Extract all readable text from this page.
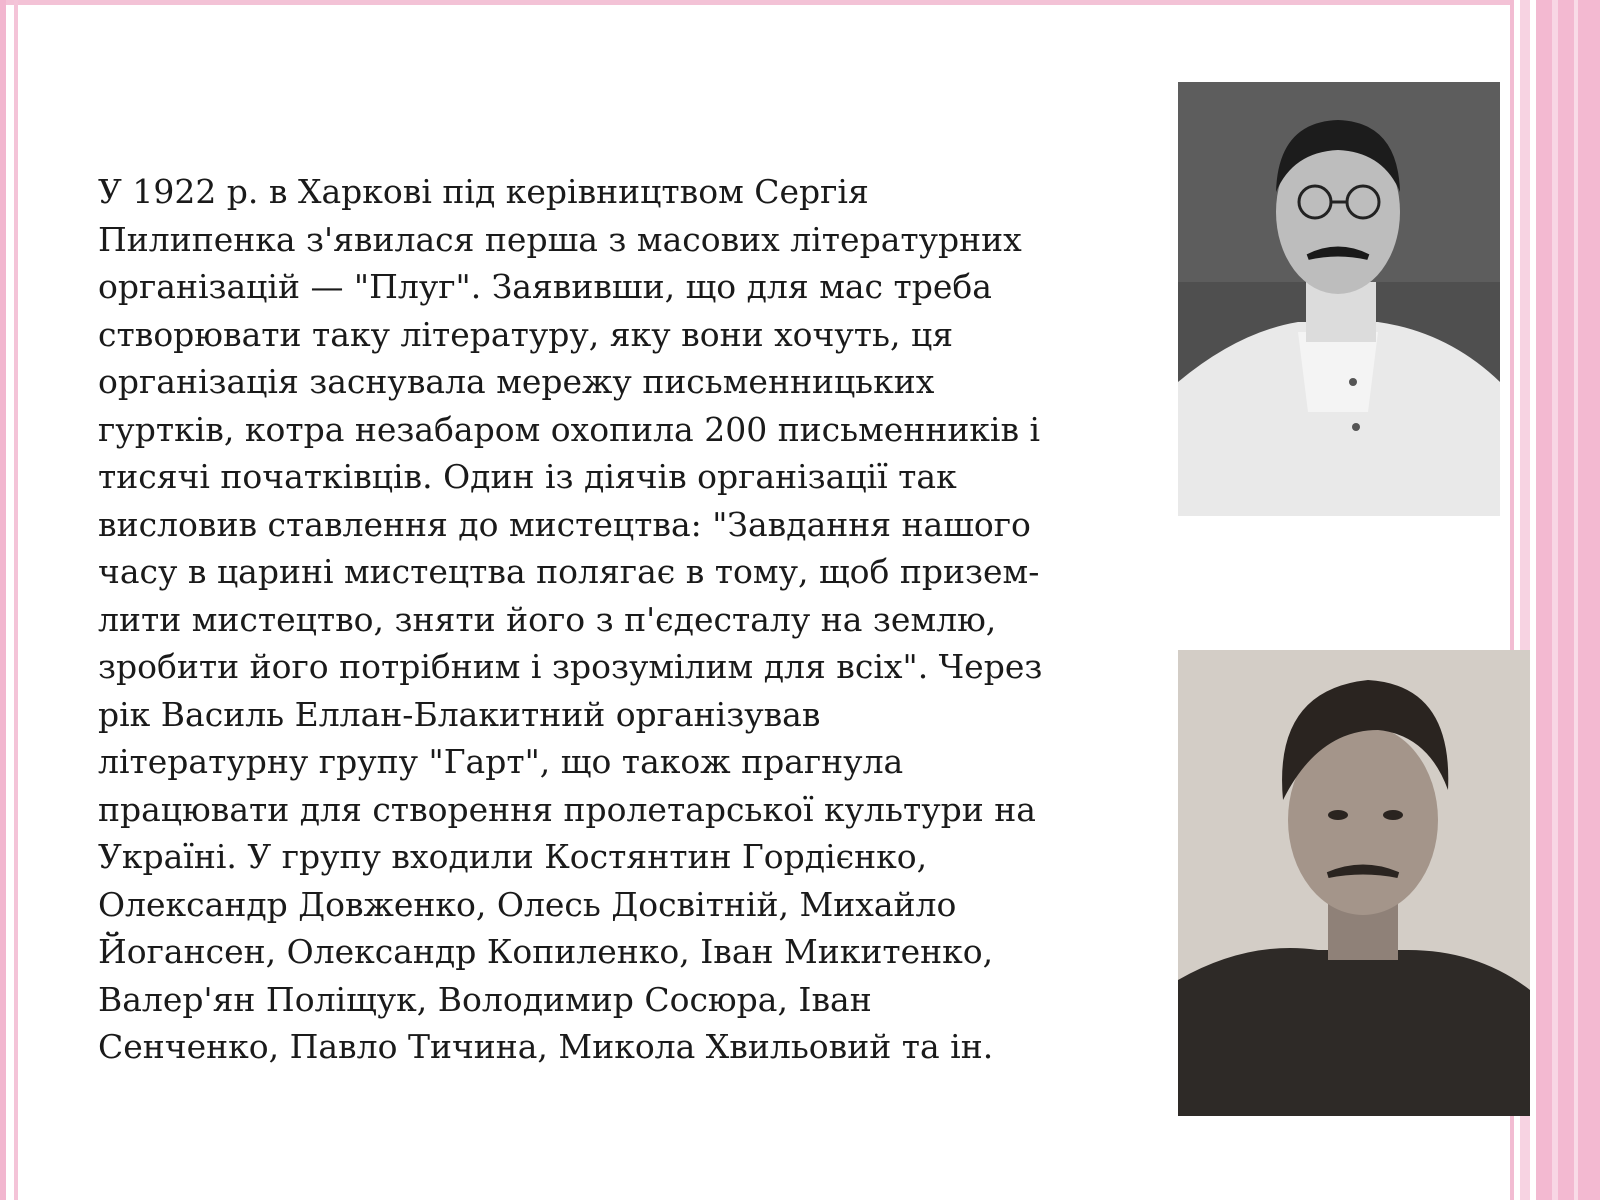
У 1922 р. в Харкові під керівництвом Сергія
Пилипенка з'явилася перша з масових літературних
організацій — "Плуг". Заявивши, що для мас треба
створювати таку літературу, яку вони хочуть, ця
організація заснувала мережу письменницьких
гуртків, котра незабаром охопила 200 письменників і
тисячі початківців. Один із діячів організації так
висловив ставлення до мистецтва: "Завдання нашого
часу в царині мистецтва полягає в тому, щоб призем-
лити мистецтво, зняти його з п'єдесталу на землю,
зробити його потрібним і зрозумілим для всіх". Через
рік Василь Еллан-Блакитний організував
літературну групу "Гарт", що також прагнула
працювати для створення пролетарської культури на
Україні. У групу входили Костянтин Гордієнко,
Олександр Довженко, Олесь Досвітній, Михайло
Йогансен, Олександр Копиленко, Іван Микитенко,
Валер'ян Поліщук, Володимир Сосюра, Іван
Сенченко, Павло Тичина, Микола Хвильовий та ін.
